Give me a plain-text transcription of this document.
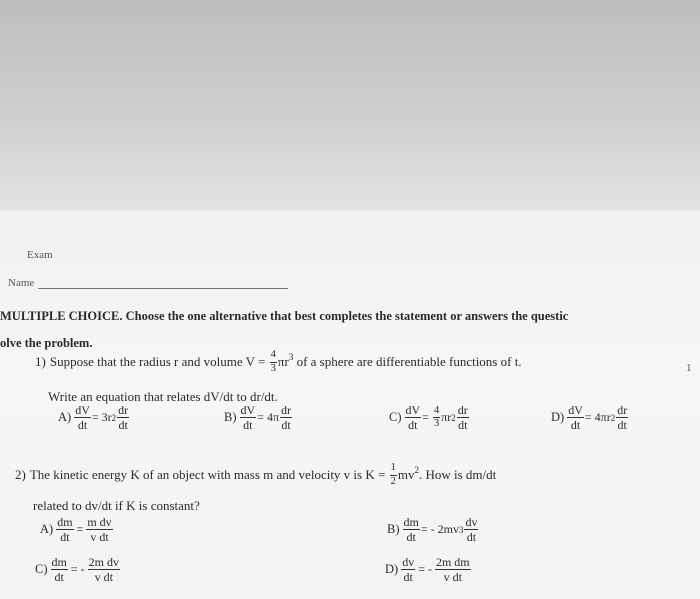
Exam
Name
MULTIPLE CHOICE. Choose the one alternative that best completes the statement or answers the questic
olve the problem.
1) Suppose that the radius r and volume $V = \frac{4}{3} \pi r^3$ of a sphere are differentiable functions of t.	1
Write an equation that relates dV/dt to dr/dt.
$A) \frac{dV}{dt} = 3r$ $2 \frac{dr}{dt}$	$B) \frac{dV}{dt} = 4\pi \frac{dr}{dt}$	$C) \frac{dV}{dt} = \frac{4}{3}$ πr $2 \frac{dr}{dt}$	$D) \frac{dV}{dt} = 4\pi r$ $2 \frac{dr}{dt}$
2) The kinetic energy K of an object with mass m and velocity v is $K = \frac{1}{2} mv^2$ . How is dm/dt
related to dv/dt if K is constant?
$A) \frac{dm}{dt} = \frac{\text{m dv}}{\text{v dt}}$	$B) \frac{dm}{dt}$ = - 2mv $3 \frac{dv}{dt}$
$C) \frac{dm}{dt}$ = - $\frac{\text{2m dv}}{\text{v dt}}$	$D) \frac{dv}{dt}$ = - $\frac{\text{2m dm}}{\text{v dt}}$
